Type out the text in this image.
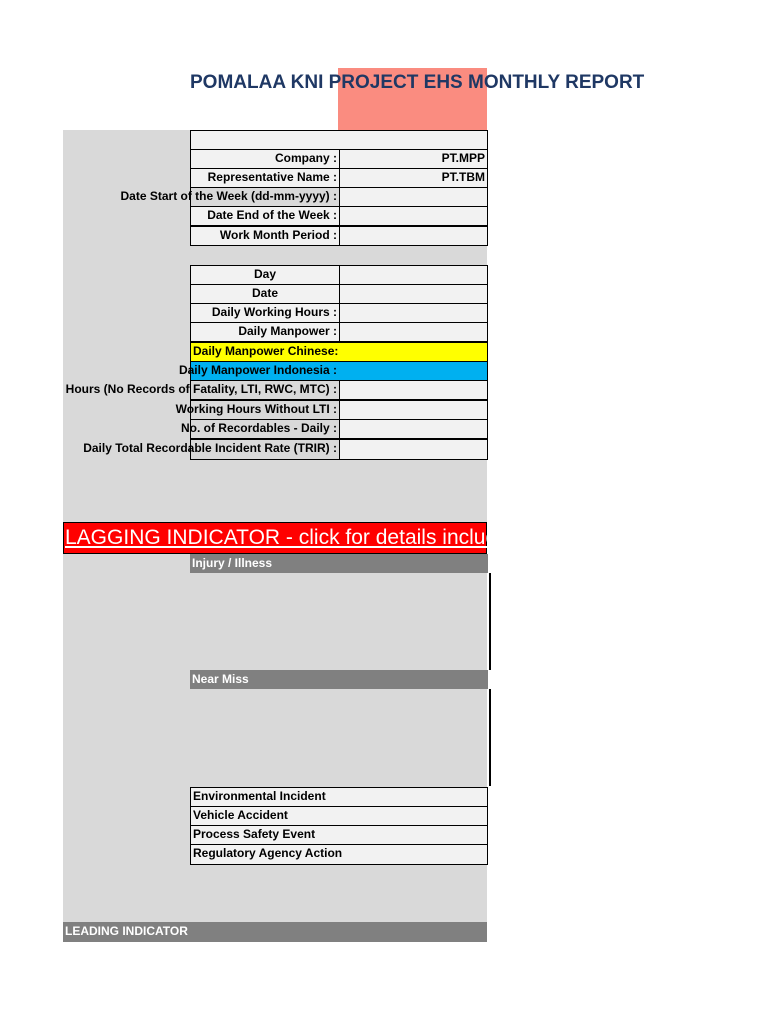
POMALAA KNI PROJECT EHS MONTHLY REPORT
Company :	PT.MPP
Representative Name :	PT.TBM
Date Start of the Week (dd-mm-yyyy) :
Date End of the Week :
Work Month Period :
Day
Date
Daily Working Hours :
Daily Manpower :
Daily Manpower Chinese:
Daily Manpower Indonesia :
Hours (No Records of Fatality, LTI, RWC, MTC) :
Working Hours Without LTI :
No. of Recordables - Daily :
Daily Total Recordable Incident Rate (TRIR) :
LAGGING INDICATOR - click for details including definitions
Injury / Illness
Near Miss
Environmental Incident
Vehicle Accident
Process Safety Event
Regulatory Agency Action
LEADING INDICATOR
